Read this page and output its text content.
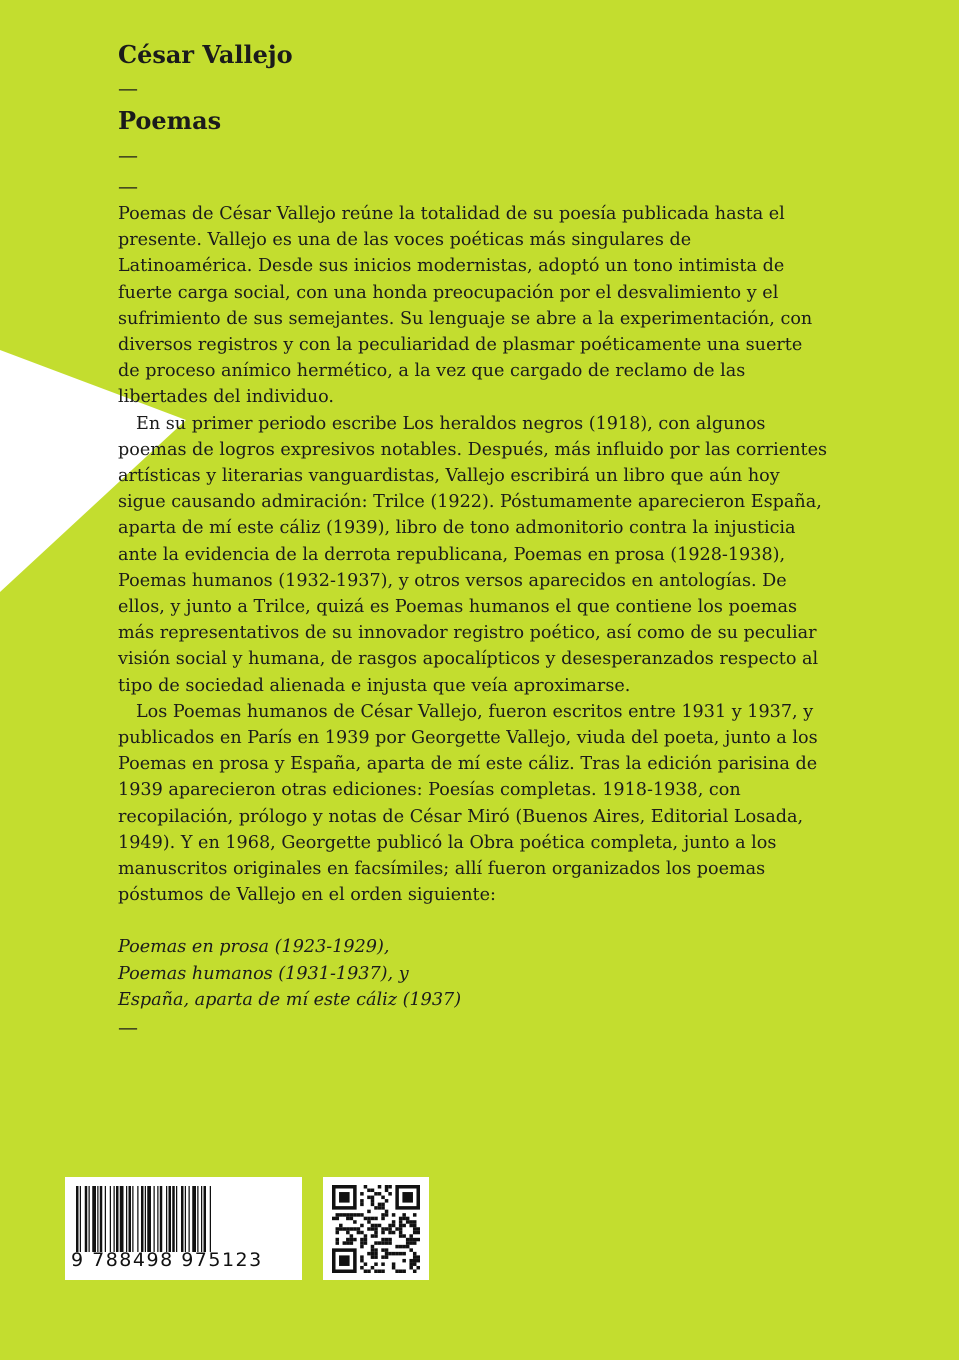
César Vallejo
—
Poemas
—
—

Poemas de César Vallejo reúne la totalidad de su poesía publicada hasta el presente. Vallejo es una de las voces poéticas más singulares de Latinoamérica. Desde sus inicios modernistas, adoptó un tono intimista de fuerte carga social, con una honda preocupación por el desvalimiento y el sufrimiento de sus semejantes. Su lenguaje se abre a la experimentación, con diversos registros y con la peculiaridad de plasmar poéticamente una suerte de proceso anímico hermético, a la vez que cargado de reclamo de las libertades del individuo.

En su primer periodo escribe Los heraldos negros (1918), con algunos poemas de logros expresivos notables. Después, más influido por las corrientes artísticas y literarias vanguardistas, Vallejo escribirá un libro que aún hoy sigue causando admiración: Trilce (1922). Póstumamente aparecieron España, aparta de mí este cáliz (1939), libro de tono admonitorio contra la injusticia ante la evidencia de la derrota republicana, Poemas en prosa (1928-1938), Poemas humanos (1932-1937), y otros versos aparecidos en antologías. De ellos, y junto a Trilce, quizá es Poemas humanos el que contiene los poemas más representativos de su innovador registro poético, así como de su peculiar visión social y humana, de rasgos apocalípticos y desesperanzados respecto al tipo de sociedad alienada e injusta que veía aproximarse.

Los Poemas humanos de César Vallejo, fueron escritos entre 1931 y 1937, y publicados en París en 1939 por Georgette Vallejo, viuda del poeta, junto a los Poemas en prosa y España, aparta de mí este cáliz. Tras la edición parisina de 1939 aparecieron otras ediciones: Poesías completas. 1918-1938, con recopilación, prólogo y notas de César Miró (Buenos Aires, Editorial Losada, 1949). Y en 1968, Georgette publicó la Obra poética completa, junto a los manuscritos originales en facsímiles; allí fueron organizados los poemas póstumos de Vallejo en el orden siguiente:

Poemas en prosa (1923-1929),

Poemas humanos (1931-1937), y

España, aparta de mí este cáliz (1937)

—

9 788498 975123
